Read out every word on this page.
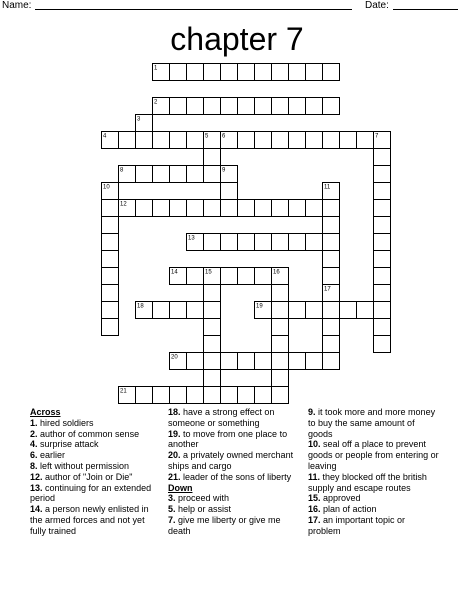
Name:	Date:
chapter 7
1
2
3
4	5 6	7
8	9
10	11
12
13
14	15	16
17
18	19
20
21

Across

1. hired soldiers

2. author of common sense

4. surprise attack

6. earlier

8. left without permission

12. author of "Join or Die"

13. continuing for an extended period

14. a person newly enlisted in the armed forces and not yet fully trained

18. have a strong effect on someone or something

19. to move from one place to another

20. a privately owned merchant ships and cargo

21. leader of the sons of liberty

Down

3. proceed with

5. help or assist

7. give me liberty or give me death

9. it took more and more money to buy the same amount of goods

10. seal off a place to prevent goods or people from entering or leaving

11. they blocked off the british supply and escape routes

15. approved

16. plan of action

17. an important topic or problem
